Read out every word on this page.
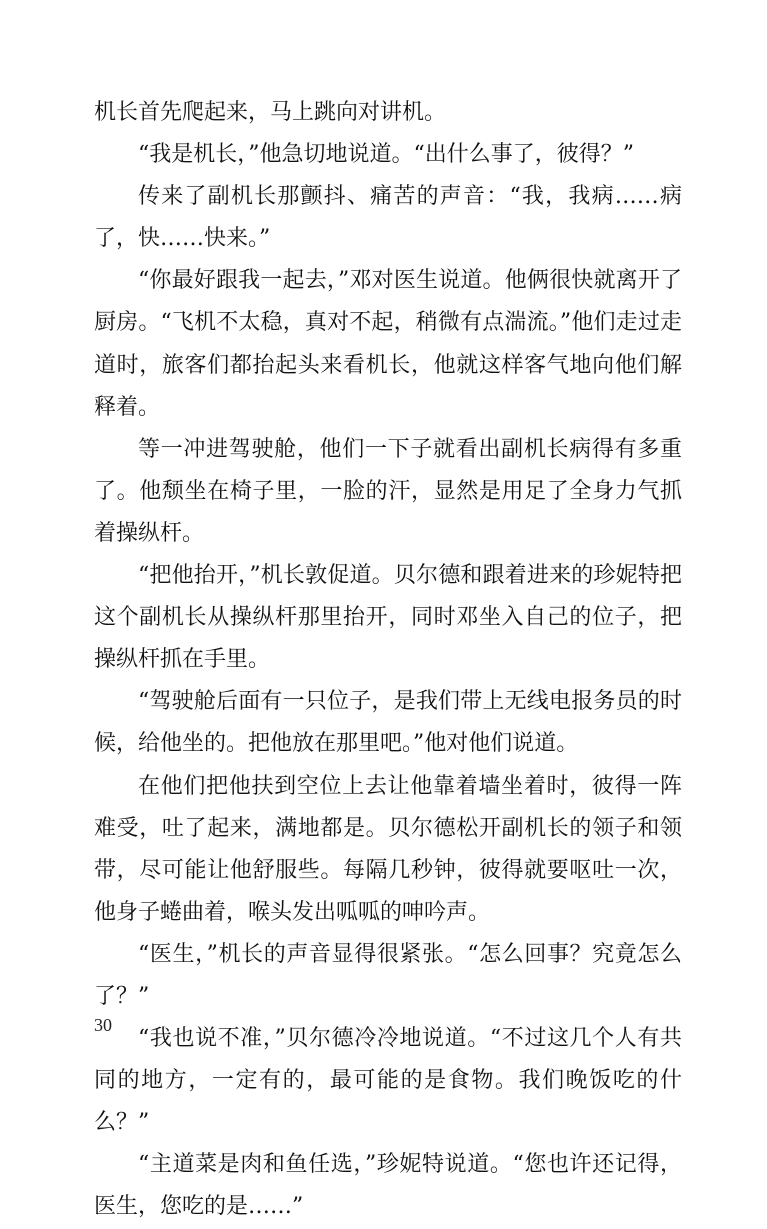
机长首先爬起来，马上跳向对讲机。

“我是机长，”他急切地说道。“出什么事了，彼得？”

传来了副机长那颤抖、痛苦的声音：“我，我病……病了，快……快来。”

“你最好跟我一起去，”邓对医生说道。他俩很快就离开了厨房。“飞机不太稳，真对不起，稍微有点湍流。”他们走过走道时，旅客们都抬起头来看机长，他就这样客气地向他们解释着。

等一冲进驾驶舱，他们一下子就看出副机长病得有多重了。他颓坐在椅子里，一脸的汗，显然是用足了全身力气抓着操纵杆。

“把他抬开，”机长敦促道。贝尔德和跟着进来的珍妮特把这个副机长从操纵杆那里抬开，同时邓坐入自己的位子，把操纵杆抓在手里。

“驾驶舱后面有一只位子，是我们带上无线电报务员的时候，给他坐的。把他放在那里吧。”他对他们说道。

在他们把他扶到空位上去让他靠着墙坐着时，彼得一阵难受，吐了起来，满地都是。贝尔德松开副机长的领子和领带，尽可能让他舒服些。每隔几秒钟，彼得就要呕吐一次，他身子蜷曲着，喉头发出呱呱的呻吟声。

“医生，”机长的声音显得很紧张。“怎么回事？究竟怎么了？”

“我也说不准，”贝尔德冷冷地说道。“不过这几个人有共同的地方，一定有的，最可能的是食物。我们晚饭吃的什么？”

“主道菜是肉和鱼任选，”珍妮特说道。“您也许还记得，医生，您吃的是……”

30
